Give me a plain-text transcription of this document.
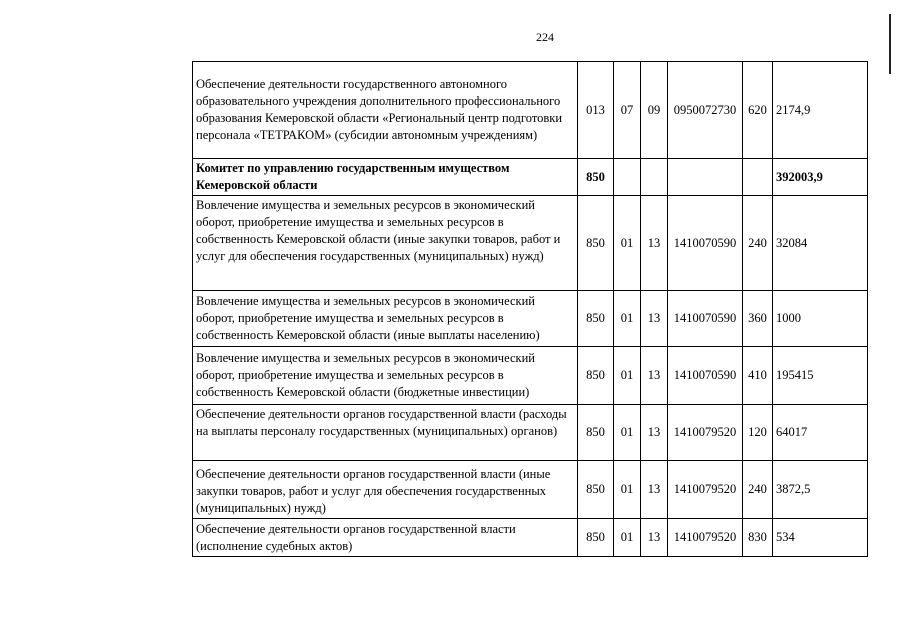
224
Обеспечение деятельности государственного автономного образовательного учреждения дополнительного профессионального образования Кемеровской области «Региональный центр подготовки персонала «ТЕТРАКОМ» (субсидии автономным учреждениям)	013	07	09	0950072730	620	2174,9
Комитет по управлению государственным имуществом Кемеровской области	850					392003,9
Вовлечение имущества и земельных ресурсов в экономический оборот, приобретение имущества и земельных ресурсов в собственность Кемеровской области (иные закупки товаров, работ и услуг для обеспечения государственных (муниципальных) нужд)	850	01	13	1410070590	240	32084
Вовлечение имущества и земельных ресурсов в экономический оборот, приобретение имущества и земельных ресурсов в собственность Кемеровской области (иные выплаты населению)	850	01	13	1410070590	360	1000
Вовлечение имущества и земельных ресурсов в экономический оборот, приобретение имущества и земельных ресурсов в собственность Кемеровской области (бюджетные инвестиции)	850	01	13	1410070590	410	195415
Обеспечение деятельности органов государственной власти (расходы на выплаты персоналу государственных (муниципальных) органов)	850	01	13	1410079520	120	64017
Обеспечение деятельности органов государственной власти (иные закупки товаров, работ и услуг для обеспечения государственных (муниципальных) нужд)	850	01	13	1410079520	240	3872,5
Обеспечение деятельности органов государственной власти (исполнение судебных актов)	850	01	13	1410079520	830	534
